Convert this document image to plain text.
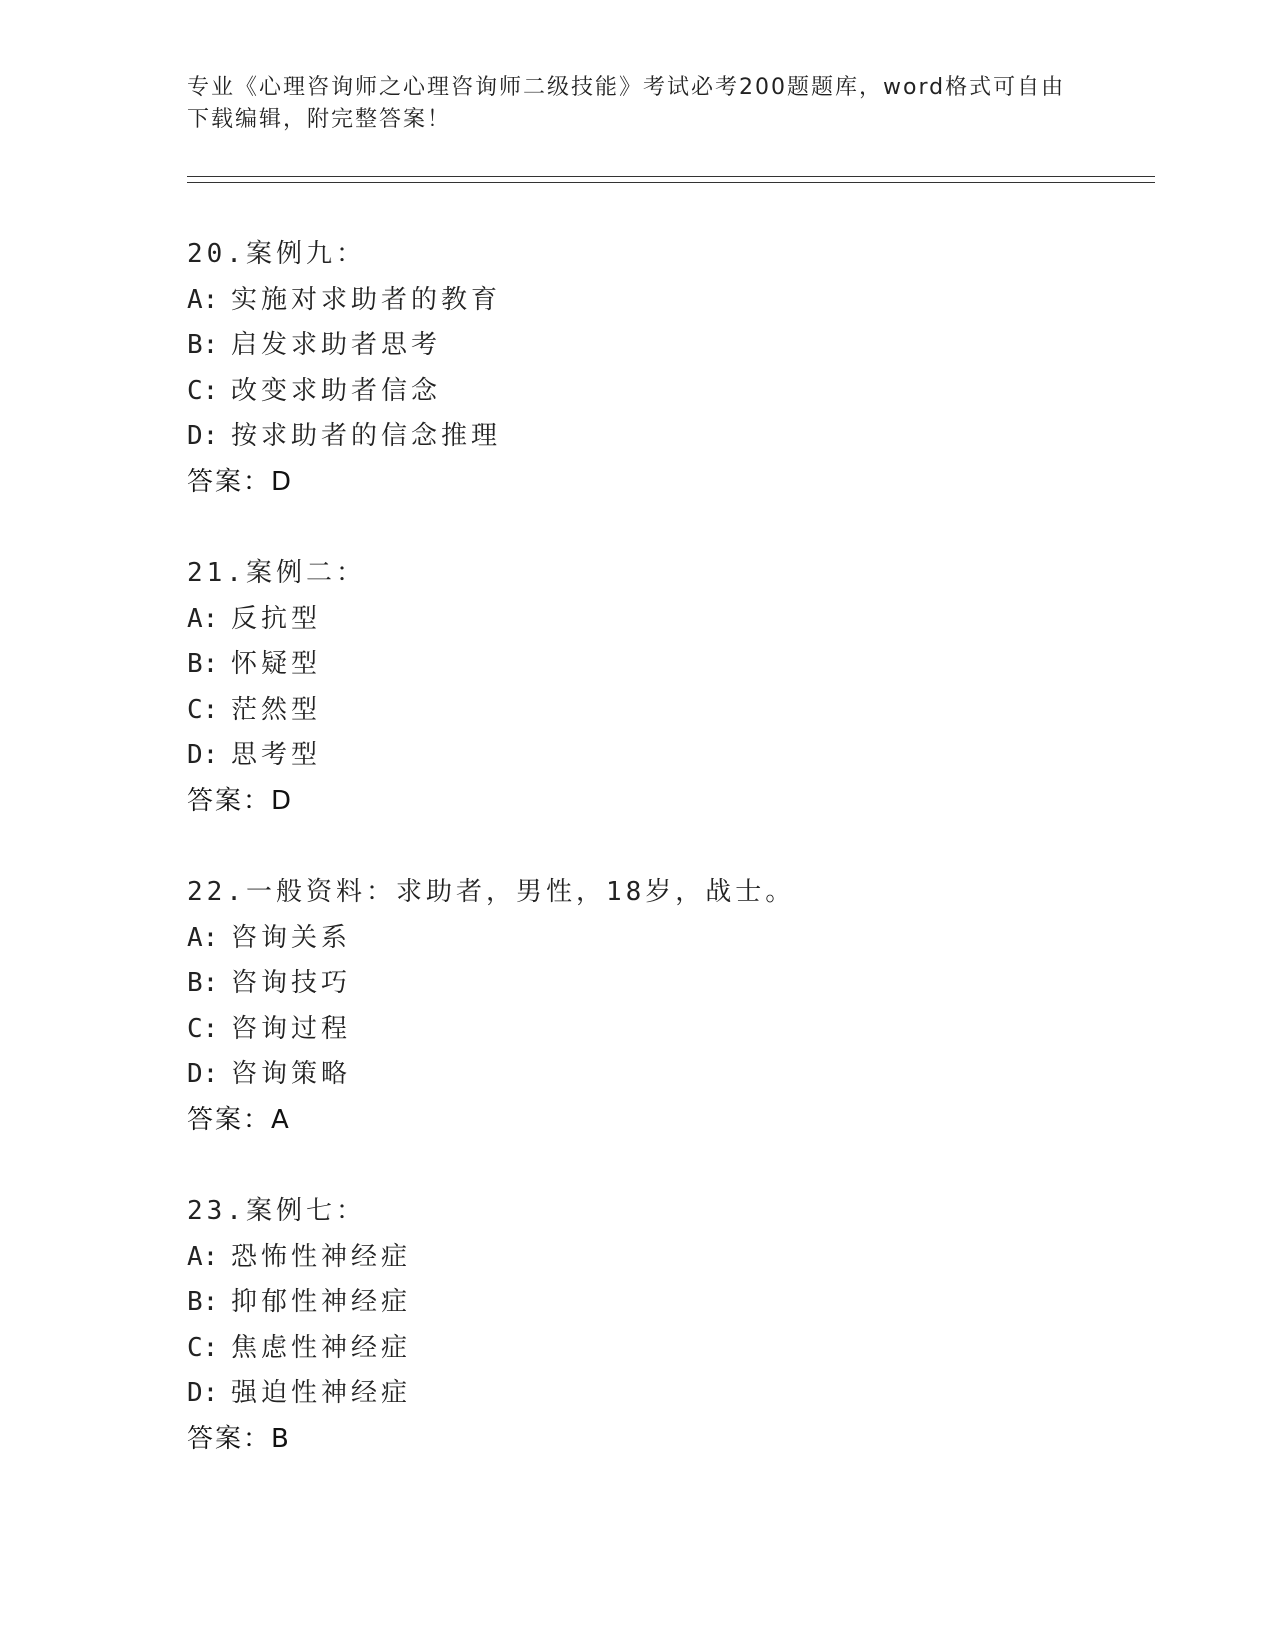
专业《心理咨询师之心理咨询师二级技能》考试必考200题题库，word格式可自由下载编辑，附完整答案！

20.案例九：
A: 实施对求助者的教育
B: 启发求助者思考
C: 改变求助者信念
D: 按求助者的信念推理
答案：D
21.案例二：
A: 反抗型
B: 怀疑型
C: 茫然型
D: 思考型
答案：D
22.一般资料：求助者，男性，18岁，战士。
A: 咨询关系
B: 咨询技巧
C: 咨询过程
D: 咨询策略
答案：A
23.案例七：
A: 恐怖性神经症
B: 抑郁性神经症
C: 焦虑性神经症
D: 强迫性神经症
答案：B
